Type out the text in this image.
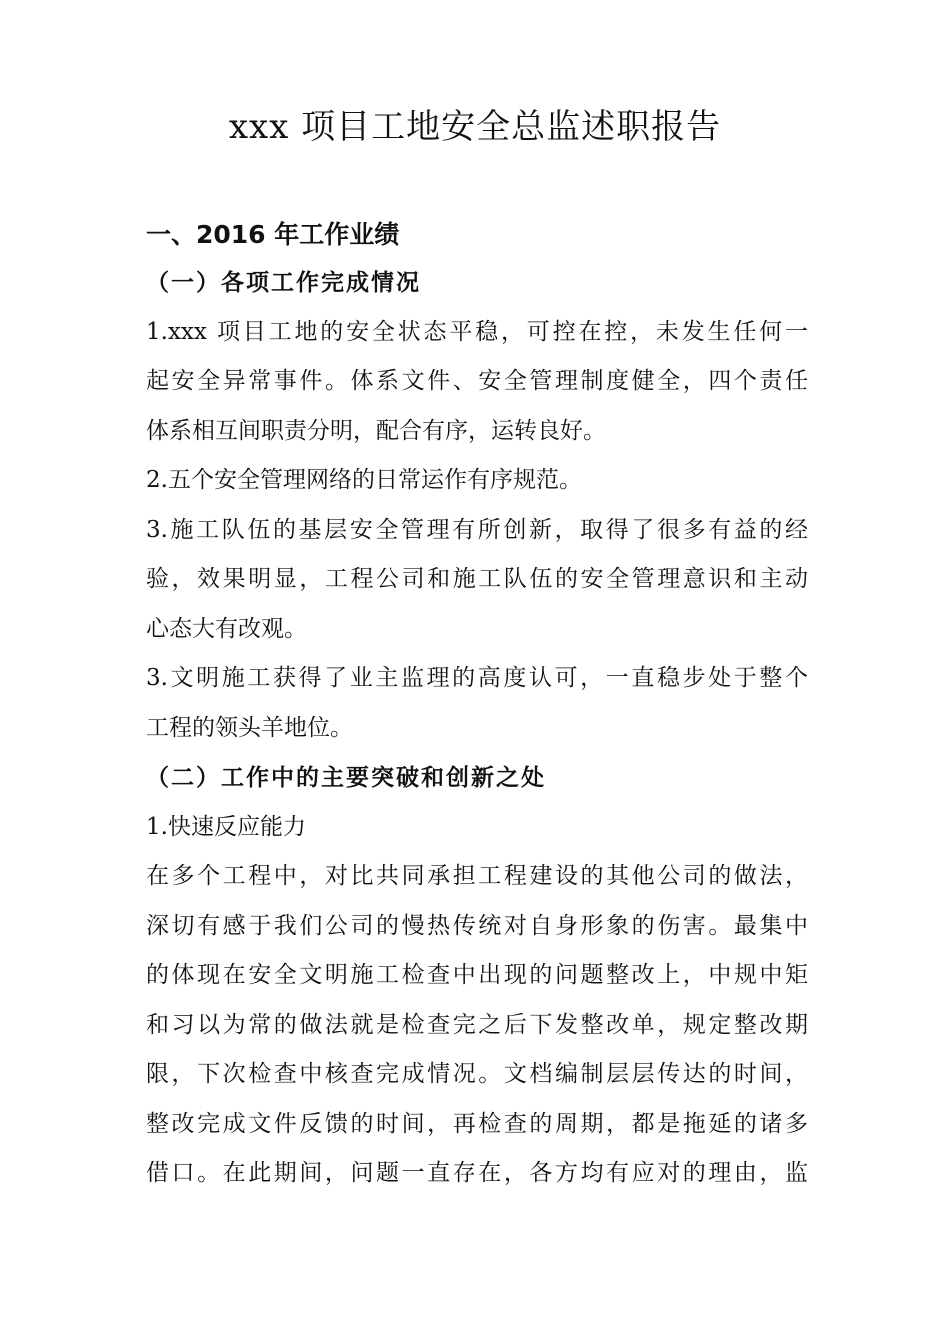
xxx 项目工地安全总监述职报告
一、2016 年工作业绩
（一）各项工作完成情况
1.xxx 项目工地的安全状态平稳，可控在控，未发生任何一
起安全异常事件。体系文件、安全管理制度健全，四个责任
体系相互间职责分明，配合有序，运转良好。
2.五个安全管理网络的日常运作有序规范。
3.施工队伍的基层安全管理有所创新，取得了很多有益的经
验，效果明显，工程公司和施工队伍的安全管理意识和主动
心态大有改观。
3.文明施工获得了业主监理的高度认可，一直稳步处于整个
工程的领头羊地位。
（二）工作中的主要突破和创新之处
1.快速反应能力
在多个工程中，对比共同承担工程建设的其他公司的做法，
深切有感于我们公司的慢热传统对自身形象的伤害。最集中
的体现在安全文明施工检查中出现的问题整改上，中规中矩
和习以为常的做法就是检查完之后下发整改单，规定整改期
限，下次检查中核查完成情况。文档编制层层传达的时间，
整改完成文件反馈的时间，再检查的周期，都是拖延的诸多
借口。在此期间，问题一直存在，各方均有应对的理由，监
